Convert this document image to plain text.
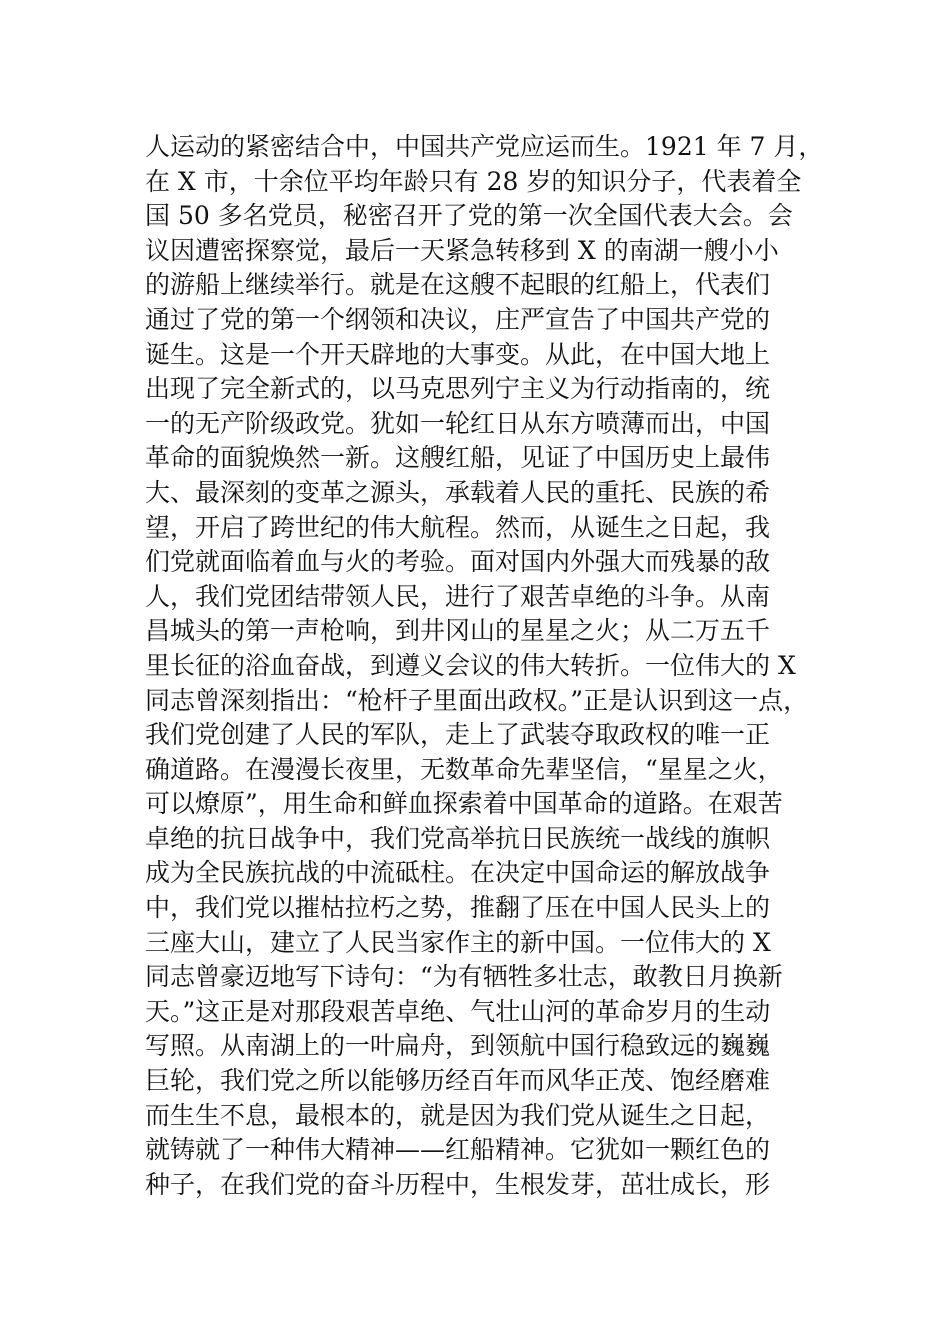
人运动的紧密结合中，中国共产党应运而生。1921 年 7 月，
在 X 市，十余位平均年龄只有 28 岁的知识分子，代表着全
国 50 多名党员，秘密召开了党的第一次全国代表大会。会
议因遭密探察觉，最后一天紧急转移到 X 的南湖一艘小小
的游船上继续举行。就是在这艘不起眼的红船上，代表们
通过了党的第一个纲领和决议，庄严宣告了中国共产党的
诞生。这是一个开天辟地的大事变。从此，在中国大地上
出现了完全新式的，以马克思列宁主义为行动指南的，统
一的无产阶级政党。犹如一轮红日从东方喷薄而出，中国
革命的面貌焕然一新。这艘红船，见证了中国历史上最伟
大、最深刻的变革之源头，承载着人民的重托、民族的希
望，开启了跨世纪的伟大航程。然而，从诞生之日起，我
们党就面临着血与火的考验。面对国内外强大而残暴的敌
人，我们党团结带领人民，进行了艰苦卓绝的斗争。从南
昌城头的第一声枪响，到井冈山的星星之火；从二万五千
里长征的浴血奋战，到遵义会议的伟大转折。一位伟大的 X
同志曾深刻指出：“枪杆子里面出政权。”正是认识到这一点，
我们党创建了人民的军队，走上了武装夺取政权的唯一正
确道路。在漫漫长夜里，无数革命先辈坚信，“星星之火，
可以燎原”，用生命和鲜血探索着中国革命的道路。在艰苦
卓绝的抗日战争中，我们党高举抗日民族统一战线的旗帜
成为全民族抗战的中流砥柱。在决定中国命运的解放战争
中，我们党以摧枯拉朽之势，推翻了压在中国人民头上的
三座大山，建立了人民当家作主的新中国。一位伟大的 X
同志曾豪迈地写下诗句：“为有牺牲多壮志，敢教日月换新
天。”这正是对那段艰苦卓绝、气壮山河的革命岁月的生动
写照。从南湖上的一叶扁舟，到领航中国行稳致远的巍巍
巨轮，我们党之所以能够历经百年而风华正茂、饱经磨难
而生生不息，最根本的，就是因为我们党从诞生之日起，
就铸就了一种伟大精神——红船精神。它犹如一颗红色的
种子，在我们党的奋斗历程中，生根发芽，茁壮成长，形
